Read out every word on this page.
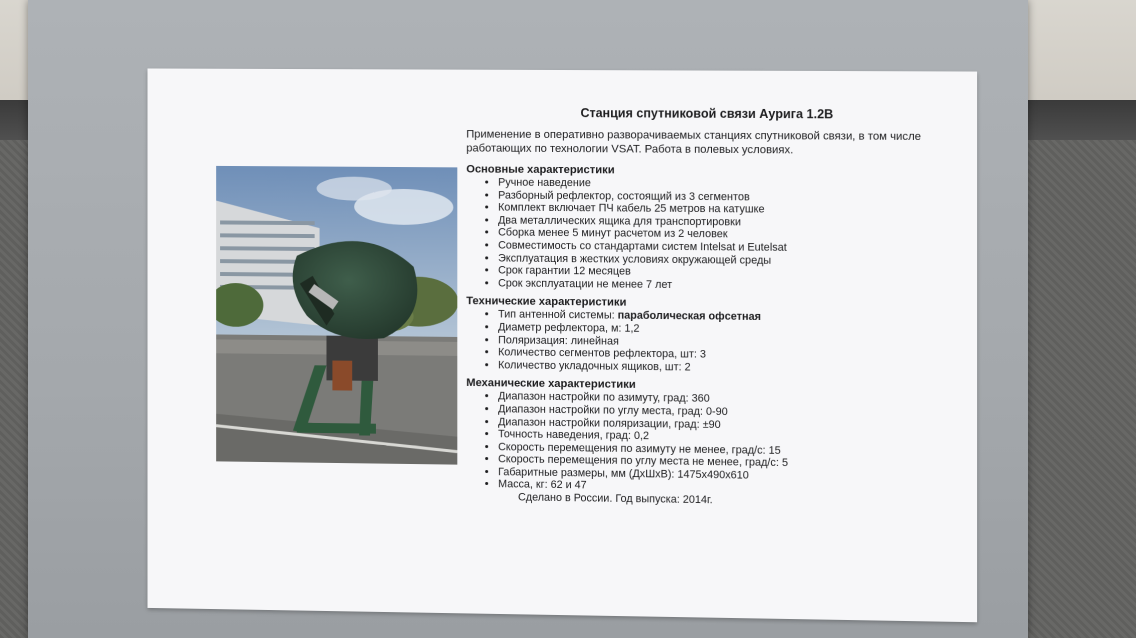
Станция спутниковой связи Аурига 1.2В

Применение в оперативно разворачиваемых станциях спутниковой связи, в том числе работающих по технологии VSAT. Работа в полевых условиях.

Основные характеристики

• Ручное наведение
• Разборный рефлектор, состоящий из 3 сегментов
• Комплект включает ПЧ кабель 25 метров на катушке
• Два металлических ящика для транспортировки
• Сборка менее 5 минут расчетом из 2 человек
• Совместимость со стандартами систем Intelsat и Eutelsat
• Эксплуатация в жестких условиях окружающей среды
• Срок гарантии 12 месяцев
• Срок эксплуатации не менее 7 лет

Технические характеристики

• Тип антенной системы: параболическая офсетная
• Диаметр рефлектора, м: 1,2
• Поляризация: линейная
• Количество сегментов рефлектора, шт: 3
• Количество укладочных ящиков, шт: 2

Механические характеристики

• Диапазон настройки по азимуту, град: 360
• Диапазон настройки по углу места, град: 0-90
• Диапазон настройки поляризации, град: ±90
• Точность наведения, град: 0,2
• Скорость перемещения по азимуту не менее, град/с: 15
• Скорость перемещения по углу места не менее, град/с: 5
• Габаритные размеры, мм (ДхШхВ): 1475x490x610
• Масса, кг: 62 и 47

Сделано в России. Год выпуска: 2014г.
